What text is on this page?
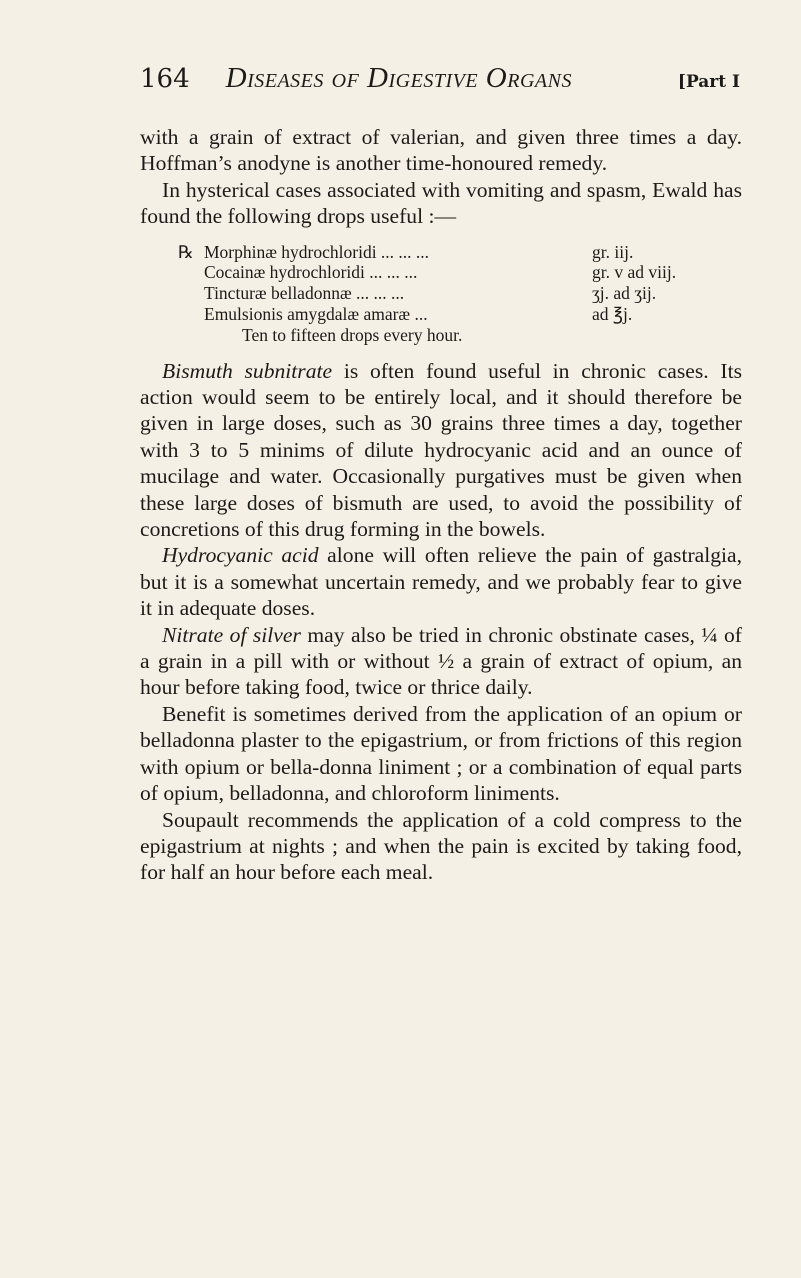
164 Diseases of Digestive Organs	[Part I

with a grain of extract of valerian, and given three times a day. Hoffman’s anodyne is another time-honoured remedy.

In hysterical cases associated with vomiting and spasm, Ewald has found the following drops useful :—

℞ Morphinæ hydrochloridi ... ... ...	gr. iij.
Cocainæ hydrochloridi ... ... ...	gr. v ad viij.
Tincturæ belladonnæ ... ... ...	ʒj. ad ʒij.
Emulsionis amygdalæ amaræ ...	ad ℥j.
Ten to fifteen drops every hour.

Bismuth subnitrate is often found useful in chronic cases. Its action would seem to be entirely local, and it should therefore be given in large doses, such as 30 grains three times a day, together with 3 to 5 minims of dilute hydrocyanic acid and an ounce of mucilage and water. Occasionally purgatives must be given when these large doses of bismuth are used, to avoid the possibility of concretions of this drug forming in the bowels.

Hydrocyanic acid alone will often relieve the pain of gastralgia, but it is a somewhat uncertain remedy, and we probably fear to give it in adequate doses.

Nitrate of silver may also be tried in chronic obstinate cases, ¼ of a grain in a pill with or without ½ a grain of extract of opium, an hour before taking food, twice or thrice daily.

Benefit is sometimes derived from the application of an opium or belladonna plaster to the epigastrium, or from frictions of this region with opium or bella-donna liniment ; or a combination of equal parts of opium, belladonna, and chloroform liniments.

Soupault recommends the application of a cold compress to the epigastrium at nights ; and when the pain is excited by taking food, for half an hour before each meal.
